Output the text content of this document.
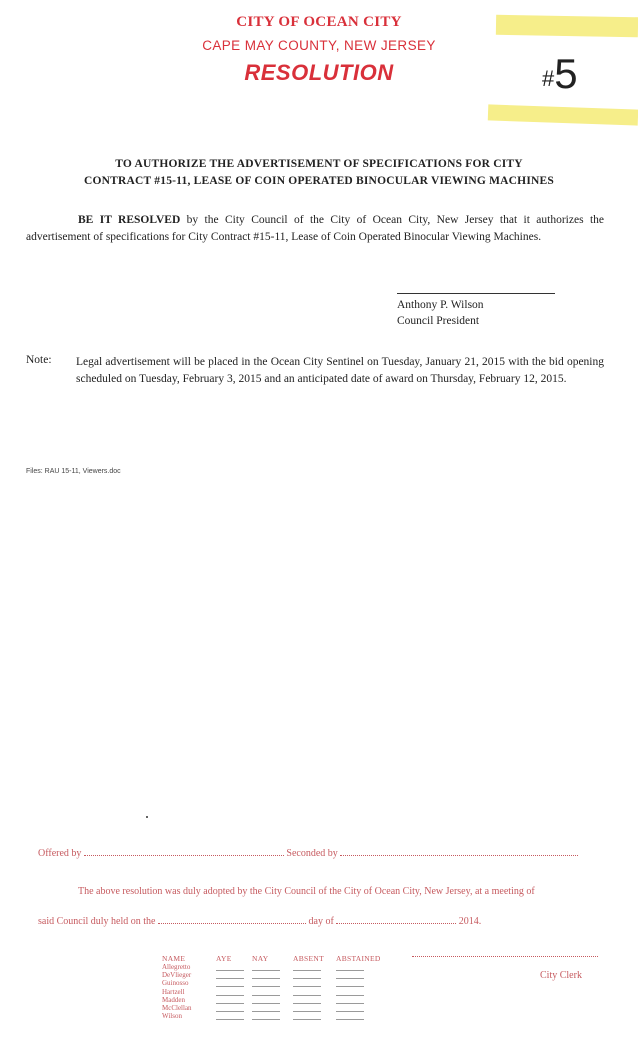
CITY OF OCEAN CITY
CAPE MAY COUNTY, NEW JERSEY
RESOLUTION	#5
TO AUTHORIZE THE ADVERTISEMENT OF SPECIFICATIONS FOR CITY
CONTRACT #15-11, LEASE OF COIN OPERATED BINOCULAR VIEWING MACHINES
BE IT RESOLVED by the City Council of the City of Ocean City, New Jersey that it authorizes the advertisement of specifications for City Contract #15-11, Lease of Coin Operated Binocular Viewing Machines.
Anthony P. Wilson
Council President
Note: Legal advertisement will be placed in the Ocean City Sentinel on Tuesday, January 21, 2015 with the bid opening scheduled on Tuesday, February 3, 2015 and an anticipated date of award on Thursday, February 12, 2015.
Files: RAU 15-11, Viewers.doc
Offered by	Seconded by
The above resolution was duly adopted by the City Council of the City of Ocean City, New Jersey, at a meeting of
said Council duly held on the	day of	2014.
NAME	AYE	NAY	ABSENT ABSTAINED
Allegretto
DeVlieger
Guinosso
Hartzell
Madden
McClellan
Wilson
City Clerk
